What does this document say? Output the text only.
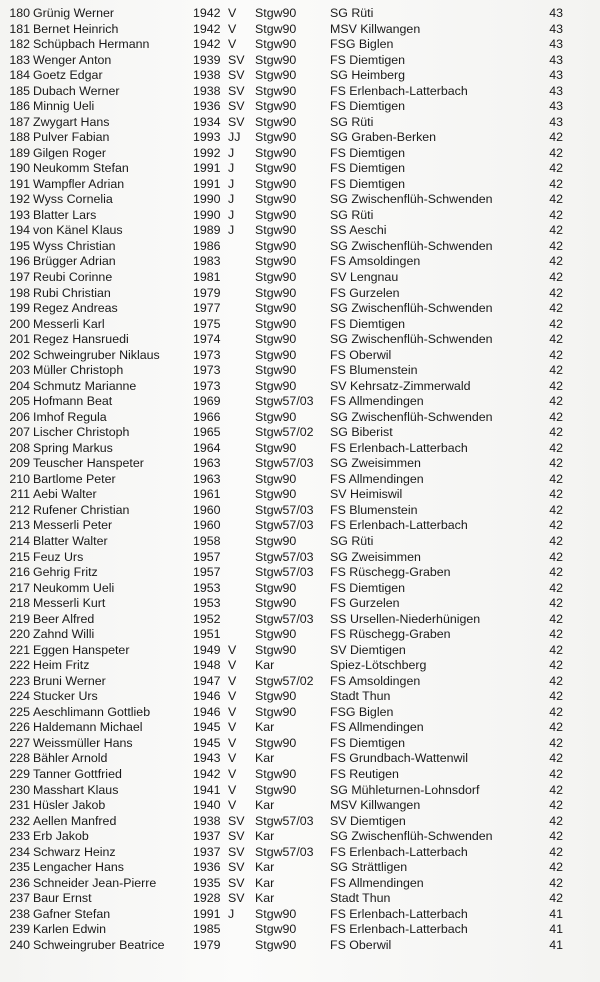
180 Grünig Werner	1942 V Stgw90	SG Rüti	43
181 Bernet Heinrich	1942 V Stgw90	MSV Killwangen	43
182 Schüpbach Hermann	1942 V Stgw90	FSG Biglen	43
183 Wenger Anton	1939 SV Stgw90	FS Diemtigen	43
184 Goetz Edgar	1938 SV Stgw90	SG Heimberg	43
185 Dubach Werner	1938 SV Stgw90	FS Erlenbach-Latterbach	43
186 Minnig Ueli	1936 SV Stgw90	FS Diemtigen	43
187 Zwygart Hans	1934 SV Stgw90	SG Rüti	43
188 Pulver Fabian	1993 JJ Stgw90	SG Graben-Berken	42
189 Gilgen Roger	1992 J Stgw90	FS Diemtigen	42
190 Neukomm Stefan	1991 J Stgw90	FS Diemtigen	42
191 Wampfler Adrian	1991 J Stgw90	FS Diemtigen	42
192 Wyss Cornelia	1990 J Stgw90	SG Zwischenflüh-Schwenden	42
193 Blatter Lars	1990 J Stgw90	SG Rüti	42
194 von Känel Klaus	1989 J Stgw90	SS Aeschi	42
195 Wyss Christian	1986	Stgw90	SG Zwischenflüh-Schwenden	42
196 Brügger Adrian	1983	Stgw90	FS Amsoldingen	42
197 Reubi Corinne	1981	Stgw90	SV Lengnau	42
198 Rubi Christian	1979	Stgw90	FS Gurzelen	42
199 Regez Andreas	1977	Stgw90	SG Zwischenflüh-Schwenden	42
200 Messerli Karl	1975	Stgw90	FS Diemtigen	42
201 Regez Hansruedi	1974	Stgw90	SG Zwischenflüh-Schwenden	42
202 Schweingruber Niklaus	1973	Stgw90	FS Oberwil	42
203 Müller Christoph	1973	Stgw90	FS Blumenstein	42
204 Schmutz Marianne	1973	Stgw90	SV Kehrsatz-Zimmerwald	42
205 Hofmann Beat	1969	Stgw57/03 FS Allmendingen	42
206 Imhof Regula	1966	Stgw90	SG Zwischenflüh-Schwenden	42
207 Lischer Christoph	1965	Stgw57/02 SG Biberist	42
208 Spring Markus	1964	Stgw90	FS Erlenbach-Latterbach	42
209 Teuscher Hanspeter	1963	Stgw57/03 SG Zweisimmen	42
210 Bartlome Peter	1963	Stgw90	FS Allmendingen	42
211 Aebi Walter	1961	Stgw90	SV Heimiswil	42
212 Rufener Christian	1960	Stgw57/03 FS Blumenstein	42
213 Messerli Peter	1960	Stgw57/03 FS Erlenbach-Latterbach	42
214 Blatter Walter	1958	Stgw90	SG Rüti	42
215 Feuz Urs	1957	Stgw57/03 SG Zweisimmen	42
216 Gehrig Fritz	1957	Stgw57/03 FS Rüschegg-Graben	42
217 Neukomm Ueli	1953	Stgw90	FS Diemtigen	42
218 Messerli Kurt	1953	Stgw90	FS Gurzelen	42
219 Beer Alfred	1952	Stgw57/03 SS Ursellen-Niederhünigen	42
220 Zahnd Willi	1951	Stgw90	FS Rüschegg-Graben	42
221 Eggen Hanspeter	1949 V Stgw90	SV Diemtigen	42
222 Heim Fritz	1948 V Kar	Spiez-Lötschberg	42
223 Bruni Werner	1947 V Stgw57/02 FS Amsoldingen	42
224 Stucker Urs	1946 V Stgw90	Stadt Thun	42
225 Aeschlimann Gottlieb	1946 V Stgw90	FSG Biglen	42
226 Haldemann Michael	1945 V Kar	FS Allmendingen	42
227 Weissmüller Hans	1945 V Stgw90	FS Diemtigen	42
228 Bähler Arnold	1943 V Kar	FS Grundbach-Wattenwil	42
229 Tanner Gottfried	1942 V Stgw90	FS Reutigen	42
230 Masshart Klaus	1941 V Stgw90	SG Mühleturnen-Lohnsdorf	42
231 Hüsler Jakob	1940 V Kar	MSV Killwangen	42
232 Aellen Manfred	1938 SV Stgw57/03 SV Diemtigen	42
233 Erb Jakob	1937 SV Kar	SG Zwischenflüh-Schwenden	42
234 Schwarz Heinz	1937 SV Stgw57/03 FS Erlenbach-Latterbach	42
235 Lengacher Hans	1936 SV Kar	SG Strättligen	42
236 Schneider Jean-Pierre	1935 SV Kar	FS Allmendingen	42
237 Baur Ernst	1928 SV Kar	Stadt Thun	42
238 Gafner Stefan	1991 J Stgw90	FS Erlenbach-Latterbach	41
239 Karlen Edwin	1985	Stgw90	FS Erlenbach-Latterbach	41
240 Schweingruber Beatrice 1979	Stgw90	FS Oberwil	41
